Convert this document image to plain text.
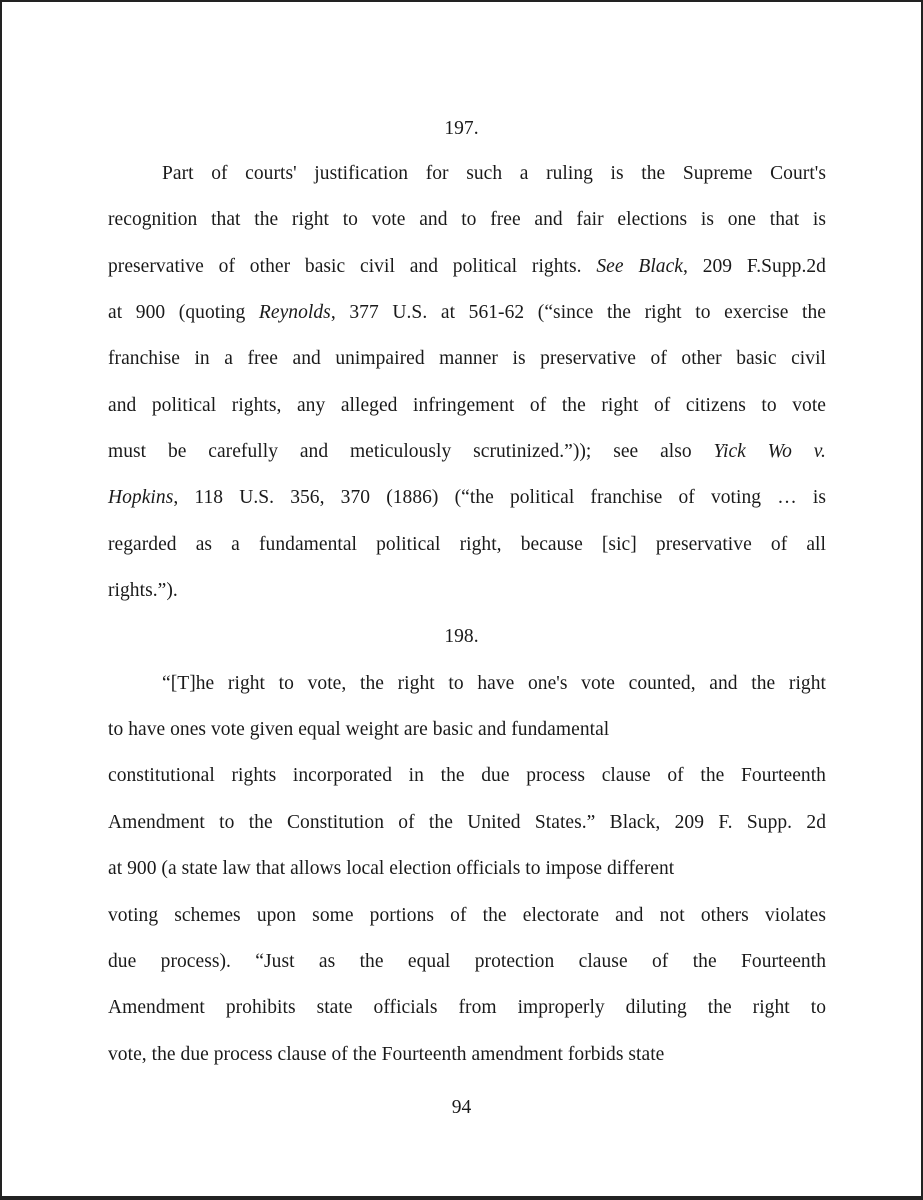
197.
Part of courts' justification for such a ruling is the Supreme Court's
recognition that the right to vote and to free and fair elections is one that is
preservative of other basic civil and political rights. See Black, 209 F.Supp.2d
at 900 (quoting Reynolds, 377 U.S. at 561-62 (“since the right to exercise the
franchise in a free and unimpaired manner is preservative of other basic civil
and political rights, any alleged infringement of the right of citizens to vote
must be carefully and meticulously scrutinized.”)); see also Yick Wo v.
Hopkins, 118 U.S. 356, 370 (1886) (“the political franchise of voting … is
regarded as a fundamental political right, because [sic] preservative of all
rights.”).
198.
“[T]he right to vote, the right to have one's vote counted, and the right
to have ones vote given equal weight are basic and fundamental
constitutional rights incorporated in the due process clause of the Fourteenth
Amendment to the Constitution of the United States.” Black, 209 F. Supp. 2d
at 900 (a state law that allows local election officials to impose different
voting schemes upon some portions of the electorate and not others violates
due process). “Just as the equal protection clause of the Fourteenth
Amendment prohibits state officials from improperly diluting the right to
vote, the due process clause of the Fourteenth amendment forbids state
94
